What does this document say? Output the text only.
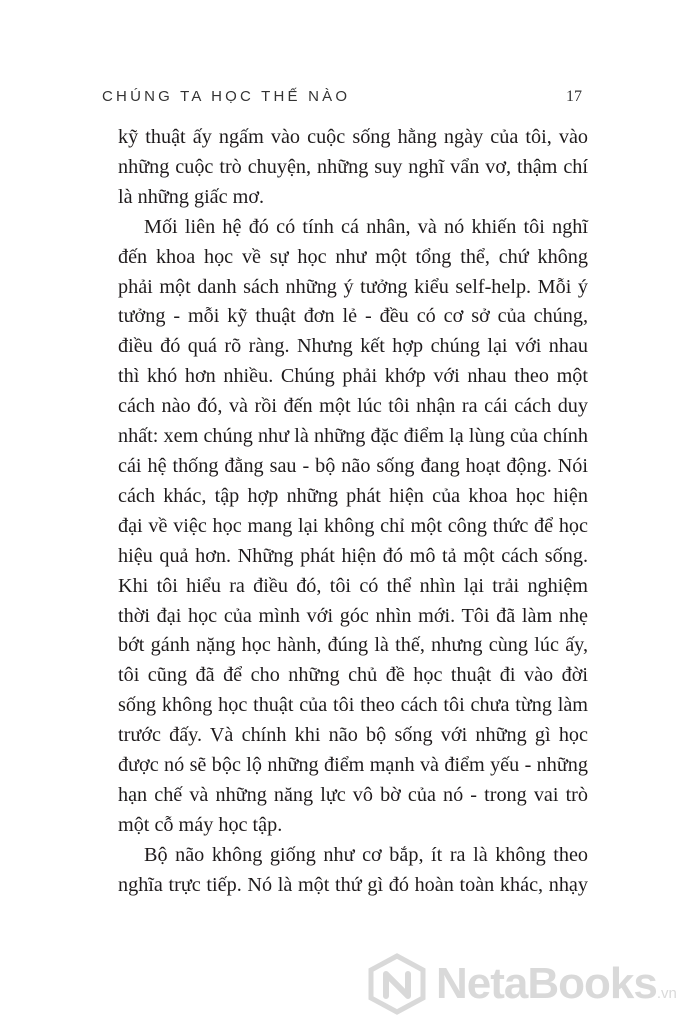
CHÚNG TA HỌC THẾ NÀO	17
kỹ thuật ấy ngấm vào cuộc sống hằng ngày của tôi, vào
những cuộc trò chuyện, những suy nghĩ vẩn vơ, thậm chí
là những giấc mơ.
Mối liên hệ đó có tính cá nhân, và nó khiến tôi nghĩ
đến khoa học về sự học như một tổng thể, chứ không
phải một danh sách những ý tưởng kiểu self-help. Mỗi ý
tưởng - mỗi kỹ thuật đơn lẻ - đều có cơ sở của chúng,
điều đó quá rõ ràng. Nhưng kết hợp chúng lại với nhau
thì khó hơn nhiều. Chúng phải khớp với nhau theo một
cách nào đó, và rồi đến một lúc tôi nhận ra cái cách duy
nhất: xem chúng như là những đặc điểm lạ lùng của chính
cái hệ thống đằng sau - bộ não sống đang hoạt động. Nói
cách khác, tập hợp những phát hiện của khoa học hiện
đại về việc học mang lại không chỉ một công thức để học
hiệu quả hơn. Những phát hiện đó mô tả một cách sống.
Khi tôi hiểu ra điều đó, tôi có thể nhìn lại trải nghiệm
thời đại học của mình với góc nhìn mới. Tôi đã làm nhẹ
bớt gánh nặng học hành, đúng là thế, nhưng cùng lúc ấy,
tôi cũng đã để cho những chủ đề học thuật đi vào đời
sống không học thuật của tôi theo cách tôi chưa từng làm
trước đấy. Và chính khi não bộ sống với những gì học
được nó sẽ bộc lộ những điểm mạnh và điểm yếu - những
hạn chế và những năng lực vô bờ của nó - trong vai trò
một cỗ máy học tập.
Bộ não không giống như cơ bắp, ít ra là không theo
nghĩa trực tiếp. Nó là một thứ gì đó hoàn toàn khác, nhạy
NetaBooks.vn
